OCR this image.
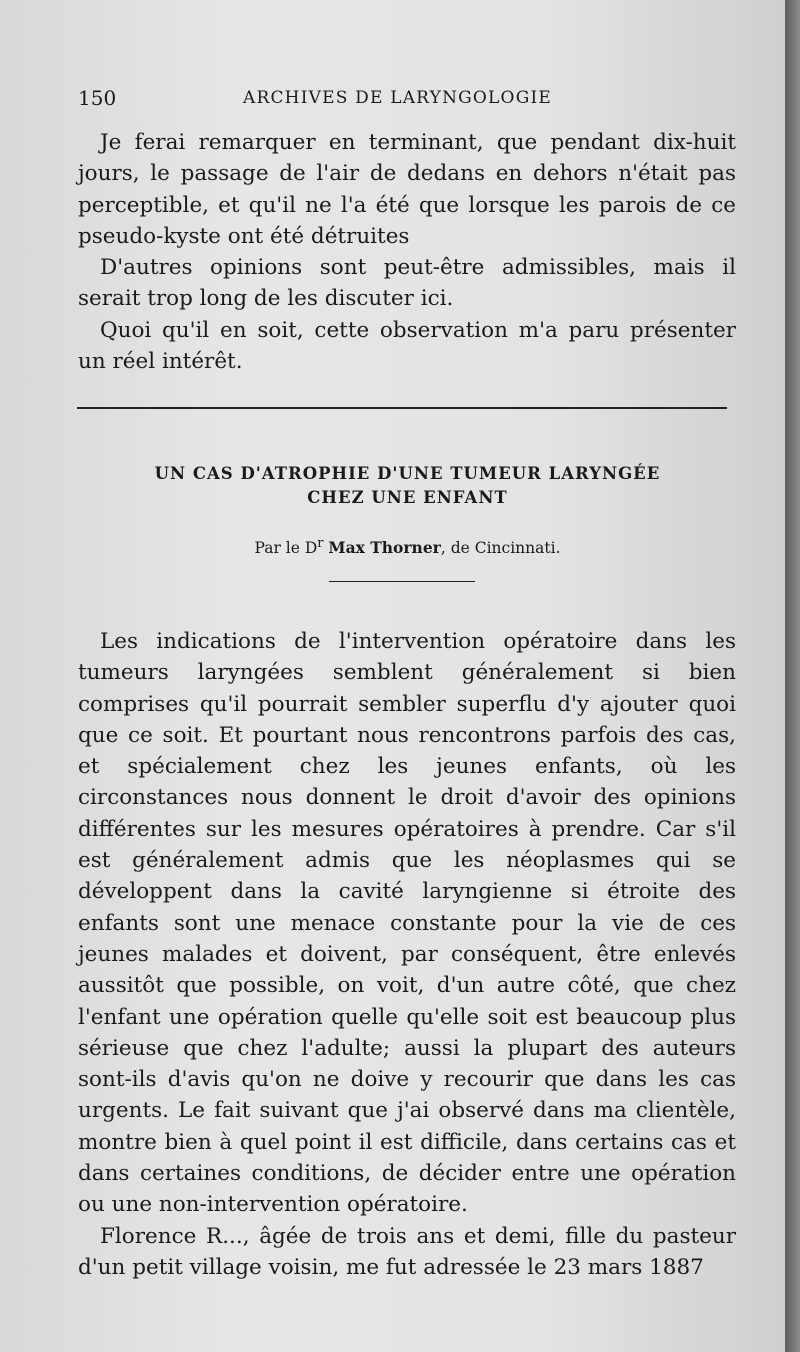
150	ARCHIVES DE LARYNGOLOGIE

Je ferai remarquer en terminant, que pendant dix-huit jours, le passage de l'air de dedans en dehors n'était pas perceptible, et qu'il ne l'a été que lorsque les parois de ce pseudo-kyste ont été détruites

D'autres opinions sont peut-être admissibles, mais il serait trop long de les discuter ici.

Quoi qu'il en soit, cette observation m'a paru présenter un réel intérêt.

UN CAS D'ATROPHIE D'UNE TUMEUR LARYNGÉE
CHEZ UNE ENFANT
Par le $D^r$ Max Thorner, de Cincinnati.

Les indications de l'intervention opératoire dans les tumeurs laryngées semblent généralement si bien comprises qu'il pourrait sembler superflu d'y ajouter quoi que ce soit. Et pourtant nous rencontrons parfois des cas, et spécialement chez les jeunes enfants, où les circonstances nous donnent le droit d'avoir des opinions différentes sur les mesures opératoires à prendre. Car s'il est généralement admis que les néoplasmes qui se développent dans la cavité laryngienne si étroite des enfants sont une menace constante pour la vie de ces jeunes malades et doivent, par conséquent, être enlevés aussitôt que possible, on voit, d'un autre côté, que chez l'enfant une opération quelle qu'elle soit est beaucoup plus sérieuse que chez l'adulte; aussi la plupart des auteurs sont-ils d'avis qu'on ne doive y recourir que dans les cas urgents. Le fait suivant que j'ai observé dans ma clientèle, montre bien à quel point il est difficile, dans certains cas et dans certaines conditions, de décider entre une opération ou une non-intervention opératoire.

Florence R..., âgée de trois ans et demi, fille du pasteur d'un petit village voisin, me fut adressée le 23 mars 1887
